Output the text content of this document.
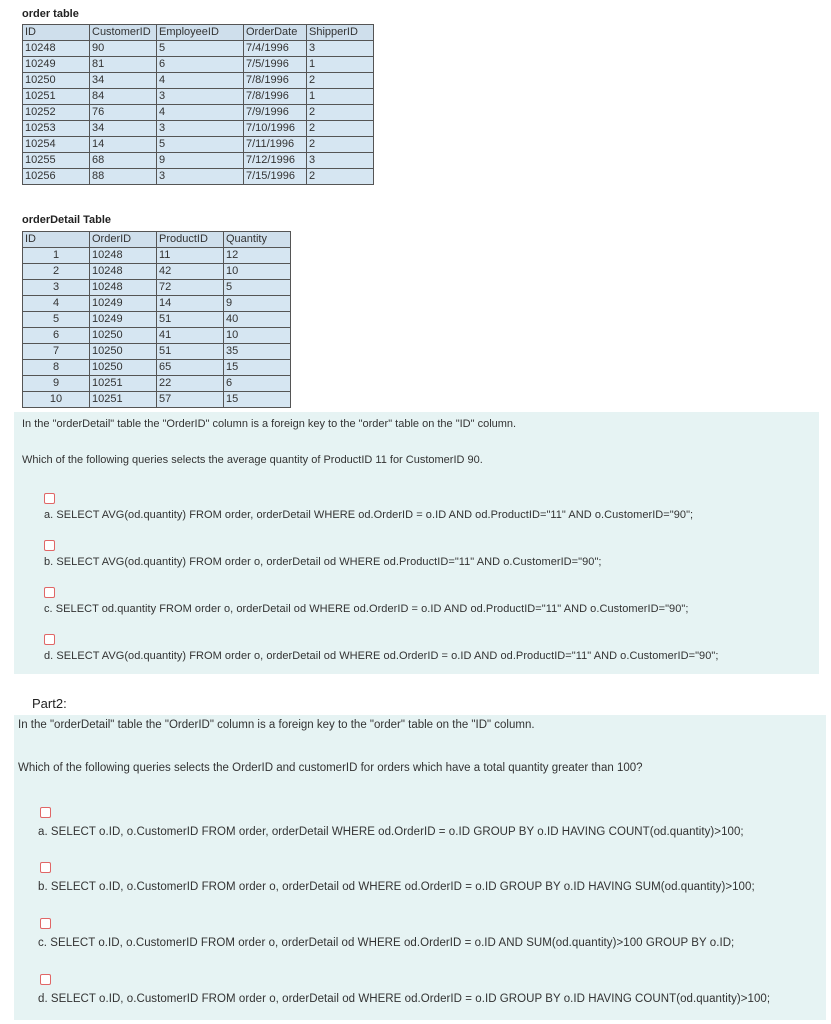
order table
ID	CustomerID	EmployeeID	OrderDate	ShipperID
10248	90	5	7/4/1996	3
10249	81	6	7/5/1996	1
10250	34	4	7/8/1996	2
10251	84	3	7/8/1996	1
10252	76	4	7/9/1996	2
10253	34	3	7/10/1996	2
10254	14	5	7/11/1996	2
10255	68	9	7/12/1996	3
10256	88	3	7/15/1996	2
orderDetail Table
ID	OrderID	ProductID	Quantity
1	10248	11	12
2	10248	42	10
3	10248	72	5
4	10249	14	9
5	10249	51	40
6	10250	41	10
7	10250	51	35
8	10250	65	15
9	10251	22	6
10	10251	57	15
In the "orderDetail" table the "OrderID" column is a foreign key to the "order" table on the "ID" column.
Which of the following queries selects the average quantity of ProductID 11 for CustomerID 90.
a. SELECT AVG(od.quantity) FROM order, orderDetail WHERE od.OrderID = o.ID AND od.ProductID="11" AND o.CustomerID="90";
b. SELECT AVG(od.quantity) FROM order o, orderDetail od WHERE od.ProductID="11" AND o.CustomerID="90";
c. SELECT od.quantity FROM order o, orderDetail od WHERE od.OrderID = o.ID AND od.ProductID="11" AND o.CustomerID="90";
d. SELECT AVG(od.quantity) FROM order o, orderDetail od WHERE od.OrderID = o.ID AND od.ProductID="11" AND o.CustomerID="90";
Part2:
In the "orderDetail" table the "OrderID" column is a foreign key to the "order" table on the "ID" column.
Which of the following queries selects the OrderID and customerID for orders which have a total quantity greater than 100?
a. SELECT o.ID, o.CustomerID FROM order, orderDetail WHERE od.OrderID = o.ID GROUP BY o.ID HAVING COUNT(od.quantity)>100;
b. SELECT o.ID, o.CustomerID FROM order o, orderDetail od WHERE od.OrderID = o.ID GROUP BY o.ID HAVING SUM(od.quantity)>100;
c. SELECT o.ID, o.CustomerID FROM order o, orderDetail od WHERE od.OrderID = o.ID AND SUM(od.quantity)>100 GROUP BY o.ID;
d. SELECT o.ID, o.CustomerID FROM order o, orderDetail od WHERE od.OrderID = o.ID GROUP BY o.ID HAVING COUNT(od.quantity)>100;
